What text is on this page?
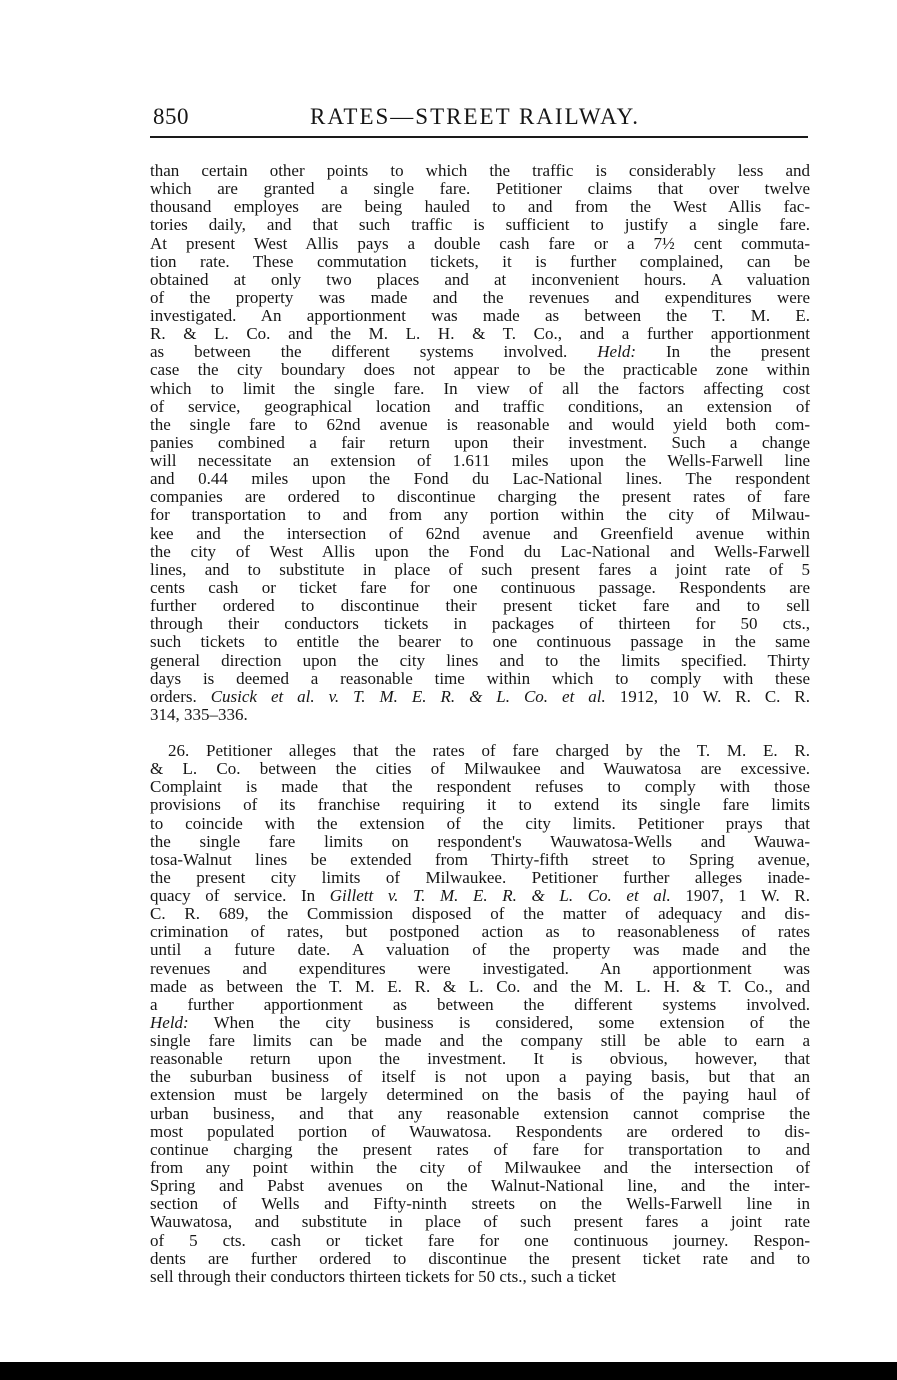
850	RATES—STREET RAILWAY.
than certain other points to which the traffic is considerably less and
which are granted a single fare. Petitioner claims that over twelve
thousand employes are being hauled to and from the West Allis fac-
tories daily, and that such traffic is sufficient to justify a single fare.
At present West Allis pays a double cash fare or a 7½ cent commuta-
tion rate. These commutation tickets, it is further complained, can be
obtained at only two places and at inconvenient hours. A valuation
of the property was made and the revenues and expenditures were
investigated. An apportionment was made as between the T. M. E.
R. & L. Co. and the M. L. H. & T. Co., and a further apportionment
as between the different systems involved. Held: In the present
case the city boundary does not appear to be the practicable zone within
which to limit the single fare. In view of all the factors affecting cost
of service, geographical location and traffic conditions, an extension of
the single fare to 62nd avenue is reasonable and would yield both com-
panies combined a fair return upon their investment. Such a change
will necessitate an extension of 1.611 miles upon the Wells-Farwell line
and 0.44 miles upon the Fond du Lac-National lines. The respondent
companies are ordered to discontinue charging the present rates of fare
for transportation to and from any portion within the city of Milwau-
kee and the intersection of 62nd avenue and Greenfield avenue within
the city of West Allis upon the Fond du Lac-National and Wells-Farwell
lines, and to substitute in place of such present fares a joint rate of 5
cents cash or ticket fare for one continuous passage. Respondents are
further ordered to discontinue their present ticket fare and to sell
through their conductors tickets in packages of thirteen for 50 cts.,
such tickets to entitle the bearer to one continuous passage in the same
general direction upon the city lines and to the limits specified. Thirty
days is deemed a reasonable time within which to comply with these
orders. Cusick et al. v. T. M. E. R. & L. Co. et al. 1912, 10 W. R. C. R.
314, 335–336.
26. Petitioner alleges that the rates of fare charged by the T. M. E. R.
& L. Co. between the cities of Milwaukee and Wauwatosa are excessive.
Complaint is made that the respondent refuses to comply with those
provisions of its franchise requiring it to extend its single fare limits
to coincide with the extension of the city limits. Petitioner prays that
the single fare limits on respondent's Wauwatosa-Wells and Wauwa-
tosa-Walnut lines be extended from Thirty-fifth street to Spring avenue,
the present city limits of Milwaukee. Petitioner further alleges inade-
quacy of service. In Gillett v. T. M. E. R. & L. Co. et al. 1907, 1 W. R.
C. R. 689, the Commission disposed of the matter of adequacy and dis-
crimination of rates, but postponed action as to reasonableness of rates
until a future date. A valuation of the property was made and the
revenues and expenditures were investigated. An apportionment was
made as between the T. M. E. R. & L. Co. and the M. L. H. & T. Co., and
a further apportionment as between the different systems involved.
Held: When the city business is considered, some extension of the
single fare limits can be made and the company still be able to earn a
reasonable return upon the investment. It is obvious, however, that
the suburban business of itself is not upon a paying basis, but that an
extension must be largely determined on the basis of the paying haul of
urban business, and that any reasonable extension cannot comprise the
most populated portion of Wauwatosa. Respondents are ordered to dis-
continue charging the present rates of fare for transportation to and
from any point within the city of Milwaukee and the intersection of
Spring and Pabst avenues on the Walnut-National line, and the inter-
section of Wells and Fifty-ninth streets on the Wells-Farwell line in
Wauwatosa, and substitute in place of such present fares a joint rate
of 5 cts. cash or ticket fare for one continuous journey. Respon-
dents are further ordered to discontinue the present ticket rate and to
sell through their conductors thirteen tickets for 50 cts., such a ticket
